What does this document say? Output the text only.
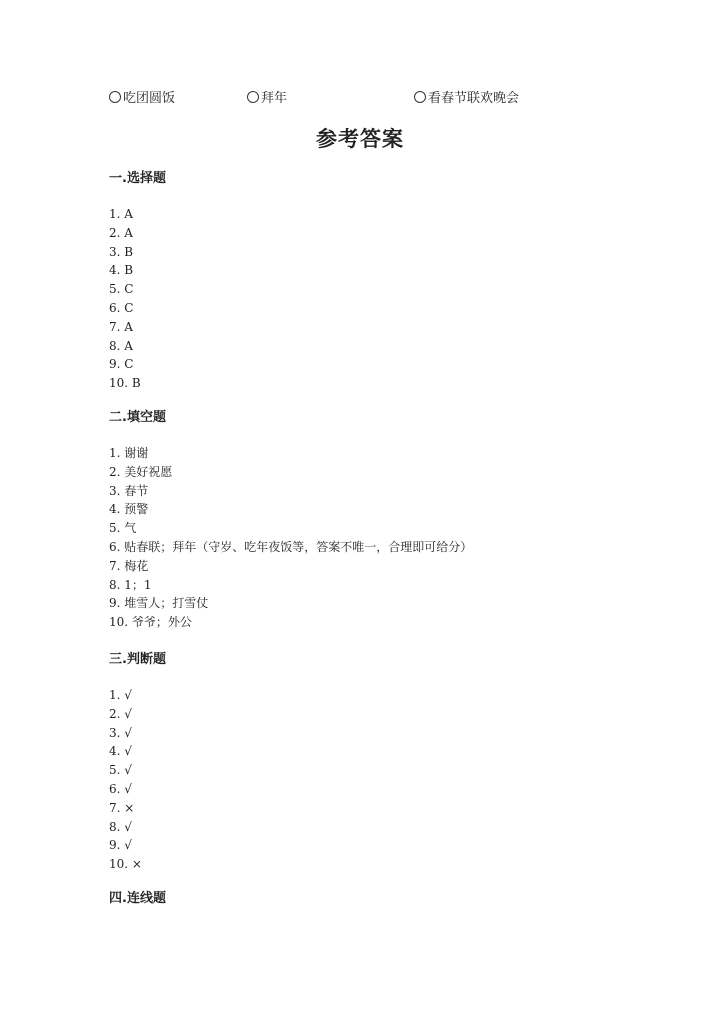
吃团圆饭	拜年	看春节联欢晚会
参考答案
一.选择题
1. A
2. A
3. B
4. B
5. C
6. C
7. A
8. A
9. C
10. B
二.填空题
1. 谢谢
2. 美好祝愿
3. 春节
4. 预警
5. 气
6. 贴春联；拜年（守岁、吃年夜饭等，答案不唯一，合理即可给分）
7. 梅花
8. 1；1
9. 堆雪人；打雪仗
10. 爷爷；外公
三.判断题
1. √
2. √
3. √
4. √
5. √
6. √
7. ×
8. √
9. √
10. ×
四.连线题
